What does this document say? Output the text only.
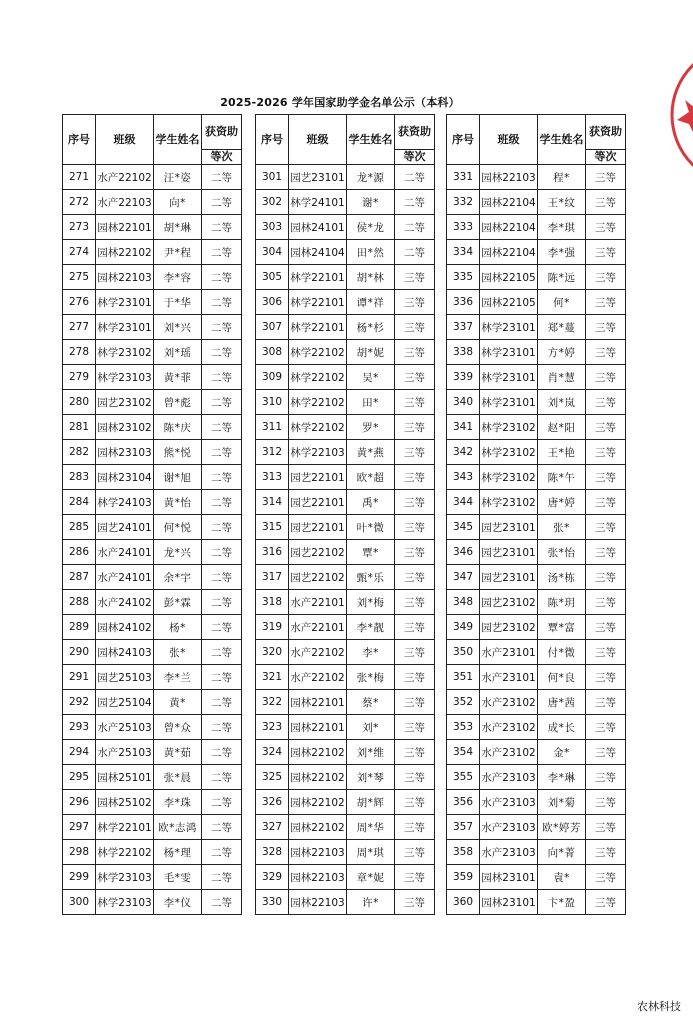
2025-2026 学年国家助学金名单公示（本科）
序号	班级	学生姓名	获资助
			等次
271	水产22102	汪*姿	二等
272	水产22103	向*	二等
273	园林22101	胡*琳	二等
274	园林22102	尹*程	二等
275	园林22103	李*容	二等
276	林学23101	于*华	二等
277	林学23101	刘*兴	二等
278	林学23102	刘*瑶	二等
279	林学23103	黄*菲	二等
280	园艺23102	曾*彪	二等
281	园林23102	陈*庆	二等
282	园林23103	熊*悦	二等
283	园林23104	谢*旭	二等
284	林学24103	黄*怡	二等
285	园艺24101	何*悦	二等
286	水产24101	龙*兴	二等
287	水产24101	余*宇	二等
288	水产24102	彭*霖	二等
289	园林24102	杨*	二等
290	园林24103	张*	二等
291	园艺25103	李*兰	二等
292	园艺25104	黄*	二等
293	水产25103	曾*众	二等
294	水产25103	黄*茹	二等
295	园林25101	张*晨	二等
296	园林25102	李*珠	二等
297	林学22101	欧*志鸿	二等
298	林学22102	杨*理	二等
299	林学23103	毛*雯	二等
300	林学23103	李*仪	二等
序号	班级	学生姓名	获资助
			等次
301	园艺23101	龙*源	二等
302	林学24101	谢*	二等
303	园林24101	侯*龙	二等
304	园林24104	田*然	二等
305	林学22101	胡*林	三等
306	林学22101	谭*祥	三等
307	林学22101	杨*杉	三等
308	林学22102	胡*妮	三等
309	林学22102	吴*	三等
310	林学22102	田*	三等
311	林学22102	罗*	三等
312	林学22103	黄*燕	三等
313	园艺22101	欧*超	三等
314	园艺22101	禹*	三等
315	园艺22101	叶*微	三等
316	园艺22102	覃*	三等
317	园艺22102	甄*乐	三等
318	水产22101	刘*梅	三等
319	水产22101	李*靓	三等
320	水产22102	李*	三等
321	水产22102	张*梅	三等
322	园林22101	蔡*	三等
323	园林22101	刘*	三等
324	园林22102	刘*维	三等
325	园林22102	刘*琴	三等
326	园林22102	胡*辉	三等
327	园林22102	周*华	三等
328	园林22103	周*琪	三等
329	园林22103	章*妮	三等
330	园林22103	许*	三等
序号	班级	学生姓名	获资助
			等次
331	园林22103	程*	三等
332	园林22104	王*纹	三等
333	园林22104	李*琪	三等
334	园林22104	李*强	三等
335	园林22105	陈*远	三等
336	园林22105	何*	三等
337	林学23101	郑*蔓	三等
338	林学23101	方*婷	三等
339	林学23101	肖*慧	三等
340	林学23101	刘*岚	三等
341	林学23102	赵*阳	三等
342	林学23102	王*艳	三等
343	林学23102	陈*午	三等
344	林学23102	唐*婷	三等
345	园艺23101	张*	三等
346	园艺23101	张*怡	三等
347	园艺23101	汤*栋	三等
348	园艺23102	陈*玥	三等
349	园艺23102	覃*富	三等
350	水产23101	付*微	三等
351	水产23101	何*良	三等
352	水产23102	唐*茜	三等
353	水产23102	成*长	三等
354	水产23102	金*	三等
355	水产23103	李*琳	三等
356	水产23103	刘*菊	三等
357	水产23103	欧*婷芳	三等
358	水产23103	向*菁	三等
359	园林23101	袁*	三等
360	园林23101	卞*盈	三等
农林科技
